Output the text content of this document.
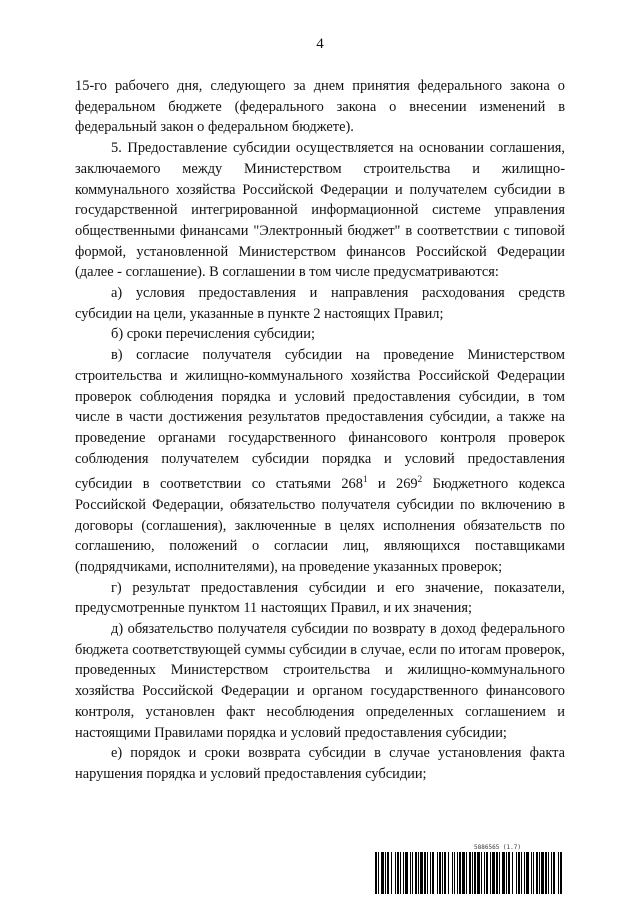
4

15-го рабочего дня, следующего за днем принятия федерального закона о федеральном бюджете (федерального закона о внесении изменений в федеральный закон о федеральном бюджете).

5. Предоставление субсидии осуществляется на основании соглашения, заключаемого между Министерством строительства и жилищно-коммунального хозяйства Российской Федерации и получателем субсидии в государственной интегрированной информационной системе управления общественными финансами "Электронный бюджет" в соответствии с типовой формой, установленной Министерством финансов Российской Федерации (далее - соглашение). В соглашении в том числе предусматриваются:

а) условия предоставления и направления расходования средств субсидии на цели, указанные в пункте 2 настоящих Правил;

б) сроки перечисления субсидии;

в) согласие получателя субсидии на проведение Министерством строительства и жилищно-коммунального хозяйства Российской Федерации проверок соблюдения порядка и условий предоставления субсидии, в том числе в части достижения результатов предоставления субсидии, а также на проведение органами государственного финансового контроля проверок соблюдения получателем субсидии порядка и условий предоставления субсидии в соответствии со статьями $268^1$ и $269^2$ Бюджетного кодекса Российской Федерации, обязательство получателя субсидии по включению в договоры (соглашения), заключенные в целях исполнения обязательств по соглашению, положений о согласии лиц, являющихся поставщиками (подрядчиками, исполнителями), на проведение указанных проверок;

г) результат предоставления субсидии и его значение, показатели, предусмотренные пунктом 11 настоящих Правил, и их значения;

д) обязательство получателя субсидии по возврату в доход федерального бюджета соответствующей суммы субсидии в случае, если по итогам проверок, проведенных Министерством строительства и жилищно-коммунального хозяйства Российской Федерации и органом государственного финансового контроля, установлен факт несоблюдения определенных соглашением и настоящими Правилами порядка и условий предоставления субсидии;

е) порядок и сроки возврата субсидии в случае установления факта нарушения порядка и условий предоставления субсидии;

5886565 (1.7)
